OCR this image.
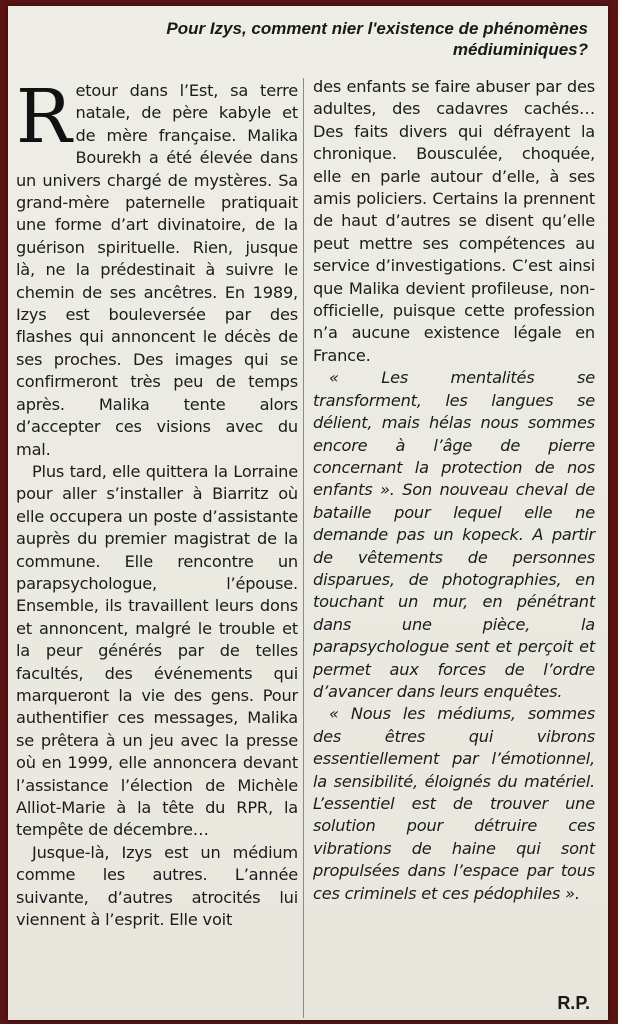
Pour Izys, comment nier l'existence de phénomènes médiuminiques?

Retour dans l’Est, sa terre natale, de père kabyle et de mère française. Malika Bourekh a été élevée dans un univers chargé de mystères. Sa grand-mère paternelle pratiquait une forme d’art divinatoire, de la guérison spirituelle. Rien, jusque là, ne la prédestinait à suivre le chemin de ses ancêtres. En 1989, Izys est bouleversée par des flashes qui annoncent le décès de ses proches. Des images qui se confirmeront très peu de temps après. Malika tente alors d’accepter ces visions avec du mal.

Plus tard, elle quittera la Lorraine pour aller s’installer à Biarritz où elle occupera un poste d’assistante auprès du premier magistrat de la commune. Elle rencontre un parapsychologue, l’épouse. Ensemble, ils travaillent leurs dons et annoncent, malgré le trouble et la peur générés par de telles facultés, des événements qui marqueront la vie des gens. Pour authentifier ces messages, Malika se prêtera à un jeu avec la presse où en 1999, elle annoncera devant l’assistance l’élection de Michèle Alliot-Marie à la tête du RPR, la tempête de décembre…

Jusque-là, Izys est un médium comme les autres. L’année suivante, d’autres atrocités lui viennent à l’esprit. Elle voit

des enfants se faire abuser par des adultes, des cadavres cachés… Des faits divers qui défrayent la chronique. Bousculée, choquée, elle en parle autour d’elle, à ses amis policiers. Certains la prennent de haut d’autres se disent qu’elle peut mettre ses compétences au service d’investigations. C’est ainsi que Malika devient profileuse, non-officielle, puisque cette profession n’a aucune existence légale en France.

« Les mentalités se transforment, les langues se délient, mais hélas nous sommes encore à l’âge de pierre concernant la protection de nos enfants ». Son nouveau cheval de bataille pour lequel elle ne demande pas un kopeck. A partir de vêtements de personnes disparues, de photographies, en touchant un mur, en pénétrant dans une pièce, la parapsychologue sent et perçoit et permet aux forces de l’ordre d’avancer dans leurs enquêtes.

« Nous les médiums, sommes des êtres qui vibrons essentiellement par l’émotionnel, la sensibilité, éloignés du matériel. L’essentiel est de trouver une solution pour détruire ces vibrations de haine qui sont propulsées dans l’espace par tous ces criminels et ces pédophiles ».

R.P.
